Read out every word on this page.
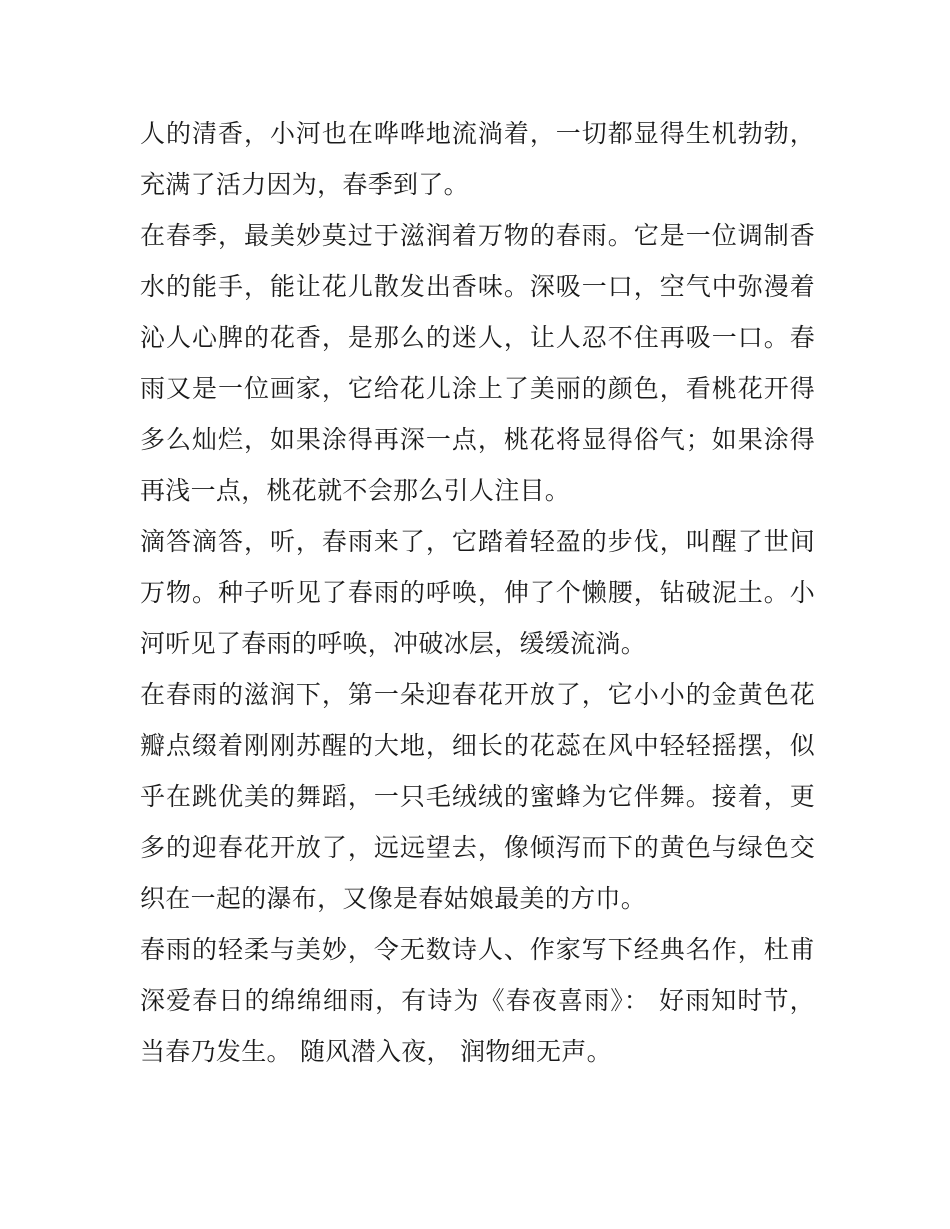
人的清香，小河也在哗哗地流淌着，一切都显得生机勃勃，充满了活力因为，春季到了。

在春季，最美妙莫过于滋润着万物的春雨。它是一位调制香水的能手，能让花儿散发出香味。深吸一口，空气中弥漫着沁人心脾的花香，是那么的迷人，让人忍不住再吸一口。春雨又是一位画家，它给花儿涂上了美丽的颜色，看桃花开得多么灿烂，如果涂得再深一点，桃花将显得俗气；如果涂得再浅一点，桃花就不会那么引人注目。

滴答滴答，听，春雨来了，它踏着轻盈的步伐，叫醒了世间万物。种子听见了春雨的呼唤，伸了个懒腰，钻破泥土。小河听见了春雨的呼唤，冲破冰层，缓缓流淌。

在春雨的滋润下，第一朵迎春花开放了，它小小的金黄色花瓣点缀着刚刚苏醒的大地，细长的花蕊在风中轻轻摇摆，似乎在跳优美的舞蹈，一只毛绒绒的蜜蜂为它伴舞。接着，更多的迎春花开放了，远远望去，像倾泻而下的黄色与绿色交织在一起的瀑布，又像是春姑娘最美的方巾。

春雨的轻柔与美妙，令无数诗人、作家写下经典名作，杜甫深爱春日的绵绵细雨，有诗为《春夜喜雨》： 好雨知时节， 当春乃发生。 随风潜入夜， 润物细无声。
